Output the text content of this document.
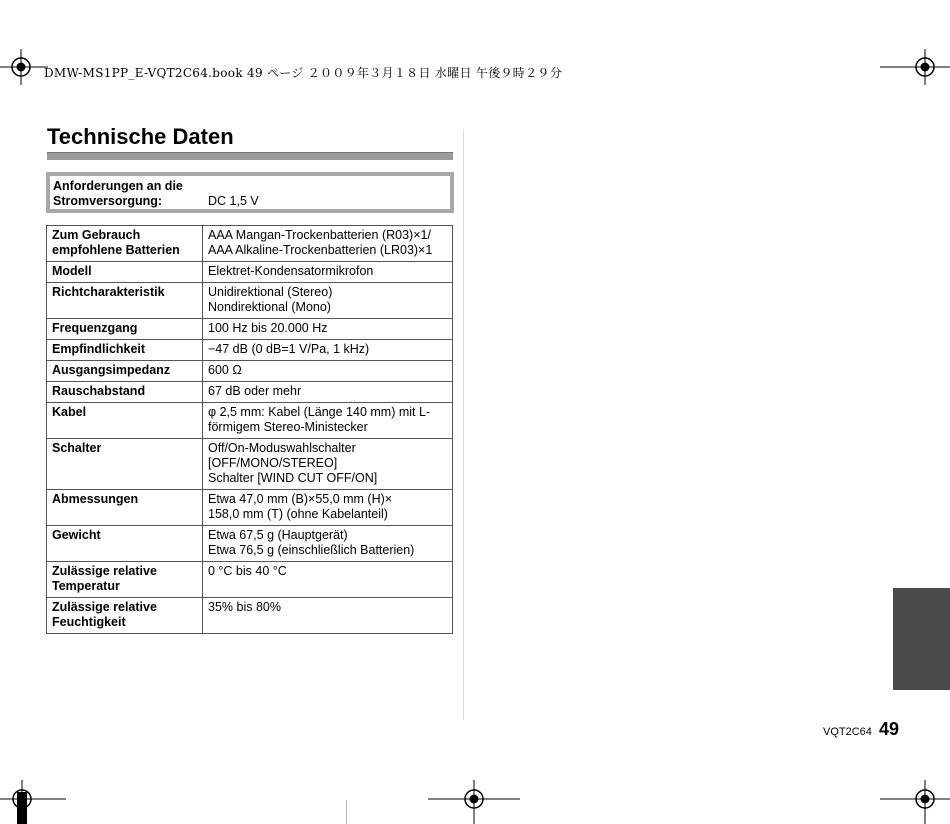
DMW-MS1PP_E-VQT2C64.book 49 ページ ２００９年３月１８日 水曜日 午後９時２９分
Technische Daten
Anforderungen an die
Stromversorgung:	DC 1,5 V
Zum Gebrauch
empfohlene Batterien	AAA Mangan-Trockenbatterien (R03)×1/
AAA Alkaline-Trockenbatterien (LR03)×1
Modell	Elektret-Kondensatormikrofon
Richtcharakteristik	Unidirektional (Stereo)
Nondirektional (Mono)
Frequenzgang	100 Hz bis 20.000 Hz
Empfindlichkeit	−47 dB (0 dB=1 V/Pa, 1 kHz)
Ausgangsimpedanz	600 Ω
Rauschabstand	67 dB oder mehr
Kabel	φ 2,5 mm: Kabel (Länge 140 mm) mit L-
förmigem Stereo-Ministecker
Schalter	Off/On-Moduswahlschalter
[OFF/MONO/STEREO]
Schalter [WIND CUT OFF/ON]
Abmessungen	Etwa 47,0 mm (B)×55,0 mm (H)×
158,0 mm (T) (ohne Kabelanteil)
Gewicht	Etwa 67,5 g (Hauptgerät)
Etwa 76,5 g (einschließlich Batterien)
Zulässige relative
Temperatur	0 °C bis 40 °C
Zulässige relative
Feuchtigkeit	35% bis 80%
VQT2C64 49
